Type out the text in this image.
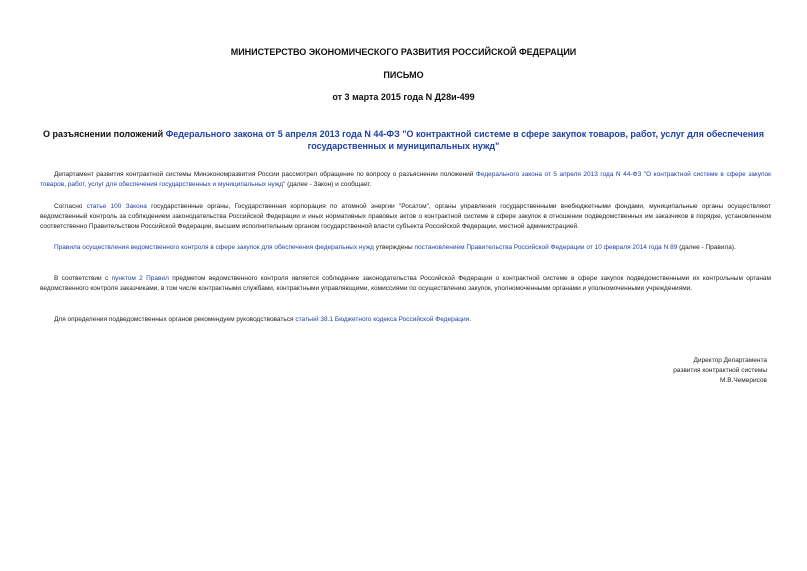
МИНИСТЕРСТВО ЭКОНОМИЧЕСКОГО РАЗВИТИЯ РОССИЙСКОЙ ФЕДЕРАЦИИ
ПИСЬМО
от 3 марта 2015 года N Д28и-499
О разъяснении положений Федерального закона от 5 апреля 2013 года N 44-ФЗ "О контрактной системе в сфере закупок товаров, работ, услуг для обеспечения государственных и муниципальных нужд"
Департамент развития контрактной системы Минэкономразвития России рассмотрел обращение по вопросу о разъяснении положений Федерального закона от 5 апреля 2013 года N 44-ФЗ "О контрактной системе в сфере закупок товаров, работ, услуг для обеспечения государственных и муниципальных нужд" (далее - Закон) и сообщает.
Согласно статье 100 Закона государственные органы, Государственная корпорация по атомной энергии "Росатом", органы управления государственными внебюджетными фондами, муниципальные органы осуществляют ведомственный контроль за соблюдением законодательства Российской Федерации и иных нормативных правовых актов о контрактной системе в сфере закупок в отношении подведомственных им заказчиков в порядке, установленном соответственно Правительством Российской Федерации, высшим исполнительным органом государственной власти субъекта Российской Федерации, местной администрацией.
Правила осуществления ведомственного контроля в сфере закупок для обеспечения федеральных нужд утверждены постановлением Правительства Российской Федерации от 10 февраля 2014 года N 89 (далее - Правила).
В соответствии с пунктом 2 Правил предметом ведомственного контроля является соблюдение законодательства Российской Федерации о контрактной системе в сфере закупок подведомственными их контрольным органам ведомственного контроля заказчиками, в том числе контрактными службами, контрактными управляющими, комиссиями по осуществлению закупок, уполномоченными органами и уполномоченными учреждениями.
Для определения подведомственных органов рекомендуем руководствоваться статьей 38.1 Бюджетного кодекса Российской Федерации.
Директор Департамента
развития контрактной системы
М.В.Чемерисов
